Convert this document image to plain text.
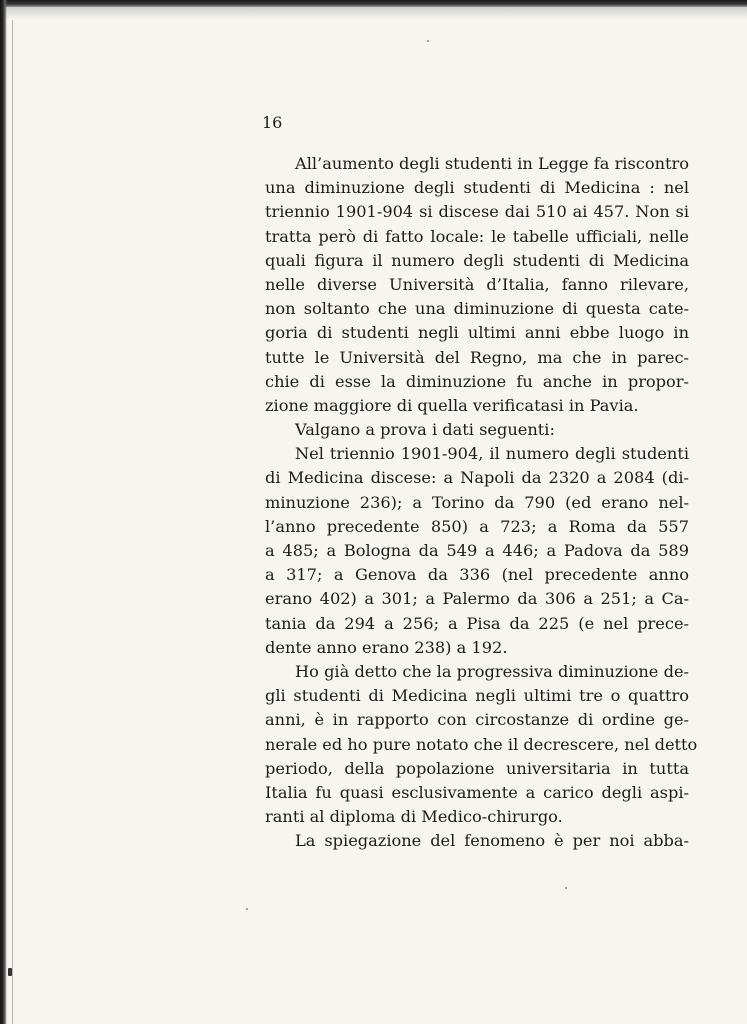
16
All’aumento degli studenti in Legge fa riscontro
una diminuzione degli studenti di Medicina : nel
triennio 1901-904 si discese dai 510 ai 457. Non si
tratta però di fatto locale: le tabelle ufficiali, nelle
quali figura il numero degli studenti di Medicina
nelle diverse Università d’Italia, fanno rilevare,
non soltanto che una diminuzione di questa cate-
goria di studenti negli ultimi anni ebbe luogo in
tutte le Università del Regno, ma che in parec-
chie di esse la diminuzione fu anche in propor-
zione maggiore di quella verificatasi in Pavia.
Valgano a prova i dati seguenti:
Nel triennio 1901-904, il numero degli studenti
di Medicina discese: a Napoli da 2320 a 2084 (di-
minuzione 236); a Torino da 790 (ed erano nel-
l’anno precedente 850) a 723; a Roma da 557
a 485; a Bologna da 549 a 446; a Padova da 589
a 317; a Genova da 336 (nel precedente anno
erano 402) a 301; a Palermo da 306 a 251; a Ca-
tania da 294 a 256; a Pisa da 225 (e nel prece-
dente anno erano 238) a 192.
Ho già detto che la progressiva diminuzione de-
gli studenti di Medicina negli ultimi tre o quattro
anni, è in rapporto con circostanze di ordine ge-
nerale ed ho pure notato che il decrescere, nel detto
periodo, della popolazione universitaria in tutta
Italia fu quasi esclusivamente a carico degli aspi-
ranti al diploma di Medico-chirurgo.
La spiegazione del fenomeno è per noi abba-
